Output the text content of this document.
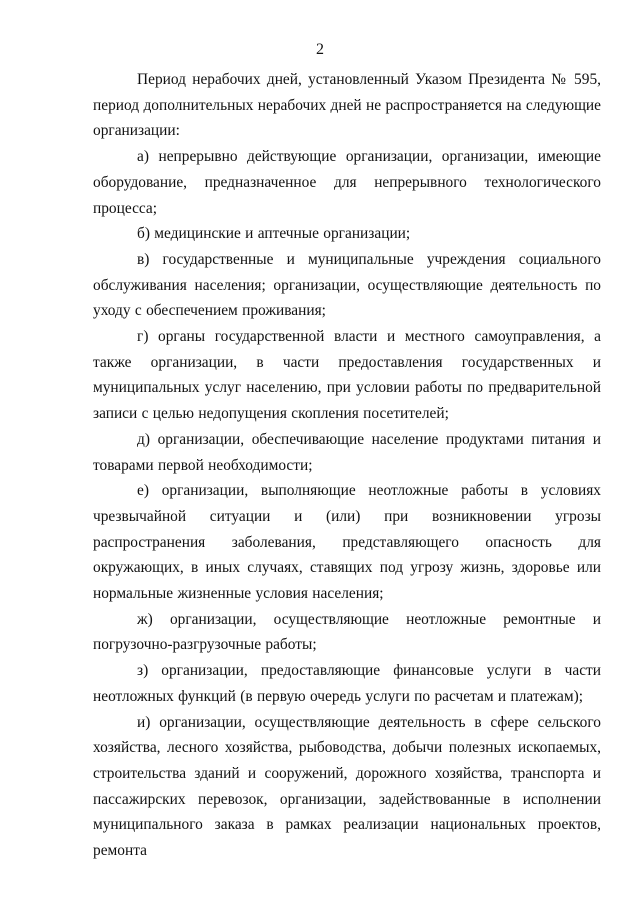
2

Период нерабочих дней, установленный Указом Президента № 595, период дополнительных нерабочих дней не распространяется на следующие организации:

а) непрерывно действующие организации, организации, имеющие оборудование, предназначенное для непрерывного технологического процесса;

б) медицинские и аптечные организации;

в) государственные и муниципальные учреждения социального обслуживания населения; организации, осуществляющие деятельность по уходу с обеспечением проживания;

г) органы государственной власти и местного самоуправления, а также организации, в части предоставления государственных и муниципальных услуг населению, при условии работы по предварительной записи с целью недопущения скопления посетителей;

д) организации, обеспечивающие население продуктами питания и товарами первой необходимости;

е) организации, выполняющие неотложные работы в условиях чрезвычайной ситуации и (или) при возникновении угрозы распространения заболевания, представляющего опасность для окружающих, в иных случаях, ставящих под угрозу жизнь, здоровье или нормальные жизненные условия населения;

ж) организации, осуществляющие неотложные ремонтные и погрузочно-разгрузочные работы;

з) организации, предоставляющие финансовые услуги в части неотложных функций (в первую очередь услуги по расчетам и платежам);

и) организации, осуществляющие деятельность в сфере сельского хозяйства, лесного хозяйства, рыбоводства, добычи полезных ископаемых, строительства зданий и сооружений, дорожного хозяйства, транспорта и пассажирских перевозок, организации, задействованные в исполнении муниципального заказа в рамках реализации национальных проектов, ремонта
